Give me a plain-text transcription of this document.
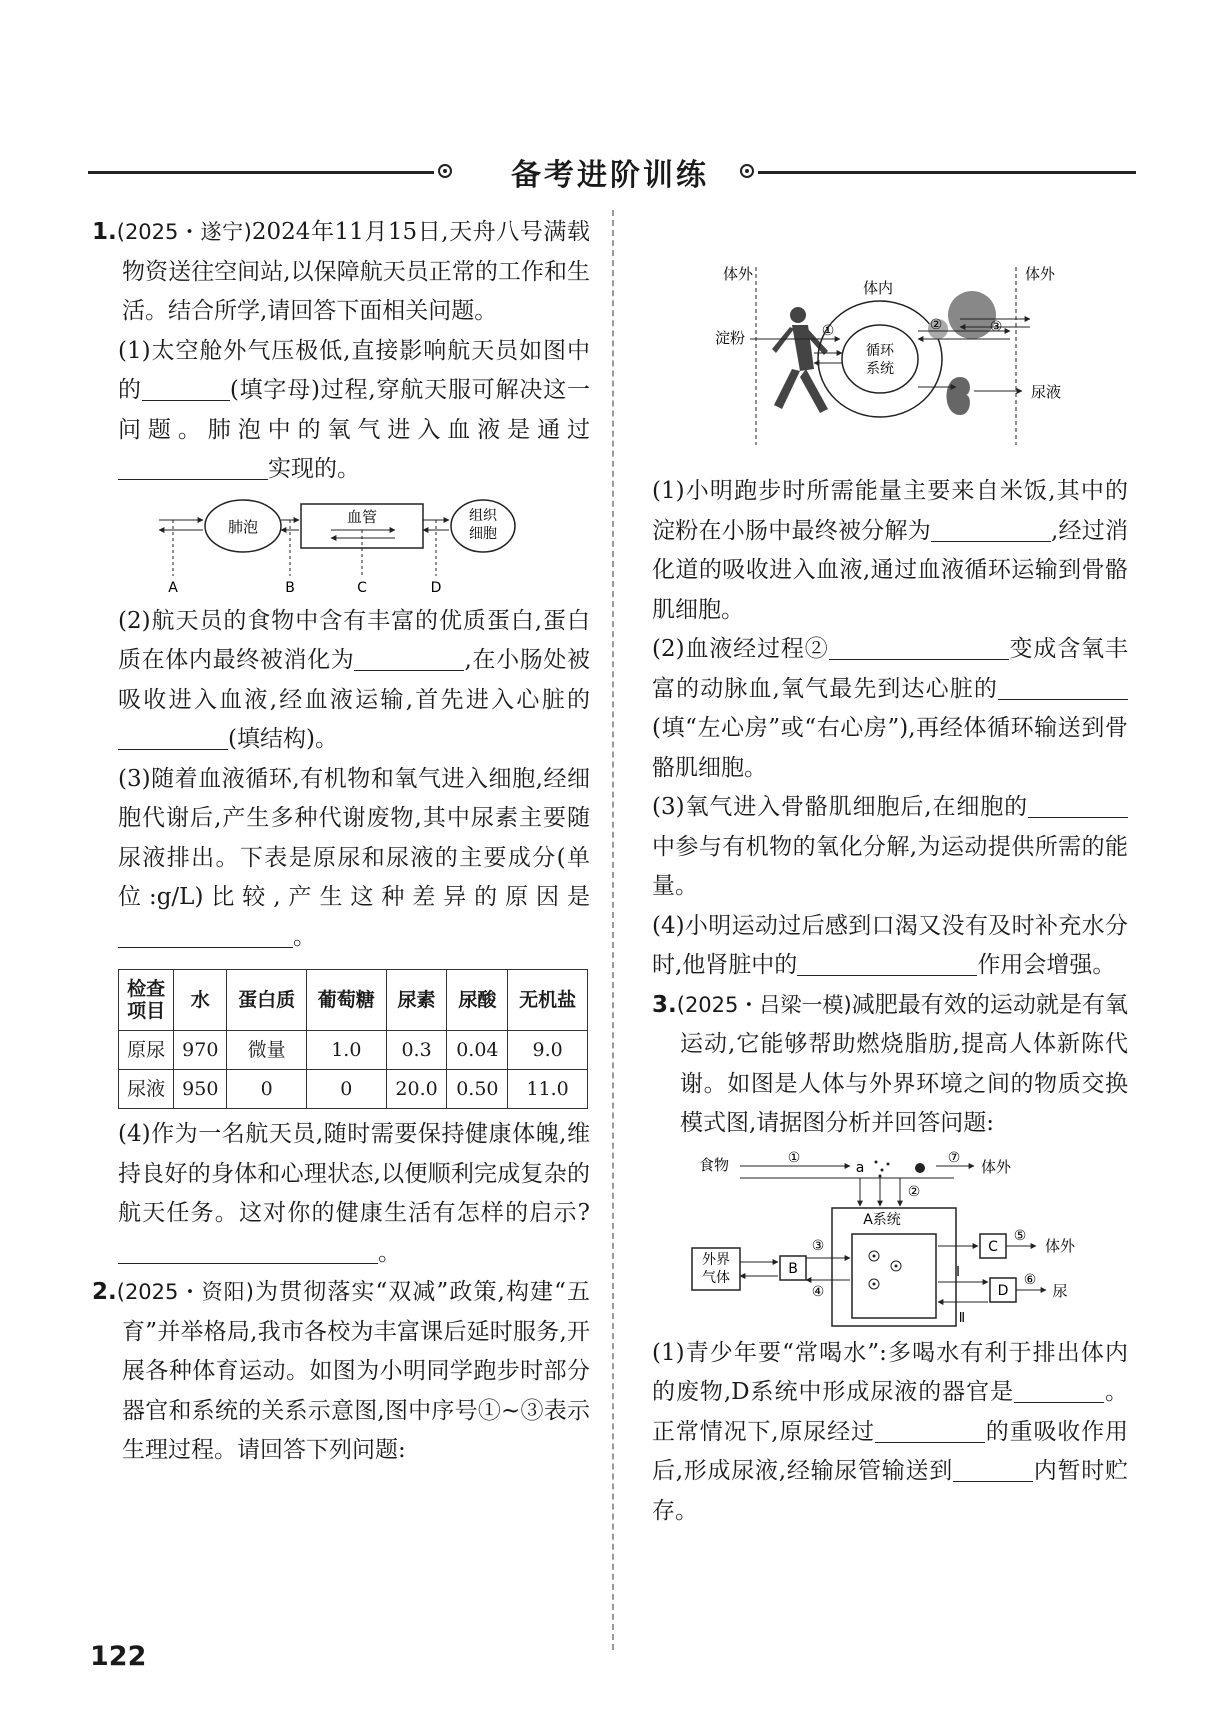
备考进阶训练

1.(2025・遂宁)2024年11月15日,天舟八号满载物资送往空间站,以保障航天员正常的工作和生活。结合所学,请回答下面相关问题。

(1)太空舱外气压极低,直接影响航天员如图中的	(填字母)过程,穿航天服可解决这一问题。肺泡中的氧气进入血液是通过实现的。

肺泡
血管	组织
细胞
A	B	C	D

(2)航天员的食物中含有丰富的优质蛋白,蛋白质在体内最终被消化为	,在小肠处被吸收进入血液,经血液运输,首先进入心脏的(填结构)。

(3)随着血液循环,有机物和氧气进入细胞,经细胞代谢后,产生多种代谢废物,其中尿素主要随尿液排出。下表是原尿和尿液的主要成分(单位:g/L)比较,产生这种差异的原因是。

检查
项目	水	蛋白质	葡萄糖	尿素	尿酸	无机盐
原尿	970	微量	1.0	0.3	0.04	9.0
尿液	950	0	0	20.0	0.50	11.0

(4)作为一名航天员,随时需要保持健康体魄,维持良好的身体和心理状态,以便顺利完成复杂的航天任务。这对你的健康生活有怎样的启示?。

2.(2025・资阳)为贯彻落实“双减”政策,构建“五育”并举格局,我市各校为丰富课后延时服务,开展各种体育运动。如图为小明同学跑步时部分器官和系统的关系示意图,图中序号①~③表示生理过程。请回答下列问题:

体外
体内
体外
淀粉
循环
系统
①	②	③
尿液

(1)小明跑步时所需能量主要来自米饭,其中的淀粉在小肠中最终被分解为	,经过消化道的吸收进入血液,通过血液循环运输到骨骼肌细胞。

(2)血液经过程②	变成含氧丰富的动脉血,氧气最先到达心脏的(填“左心房”或“右心房”),再经体循环输送到骨骼肌细胞。

(3)氧气进入骨骼肌细胞后,在细胞的中参与有机物的氧化分解,为运动提供所需的能量。

(4)小明运动过后感到口渴又没有及时补充水分时,他肾脏中的	作用会增强。

3.(2025・吕梁一模)减肥最有效的运动就是有氧运动,它能够帮助燃烧脂肪,提高人体新陈代谢。如图是人体与外界环境之间的物质交换模式图,请据图分析并回答问题:

食物	①
a
⑦ 体外
②
A系统
外界
气体
B
③
④
C
⑤
体外
Ⅰ
D
Ⅱ
⑥
尿

(1)青少年要“常喝水”:多喝水有利于排出体内的废物,D系统中形成尿液的器官是	。正常情况下,原尿经过	的重吸收作用后,形成尿液,经输尿管输送到	内暂时贮存。

122
